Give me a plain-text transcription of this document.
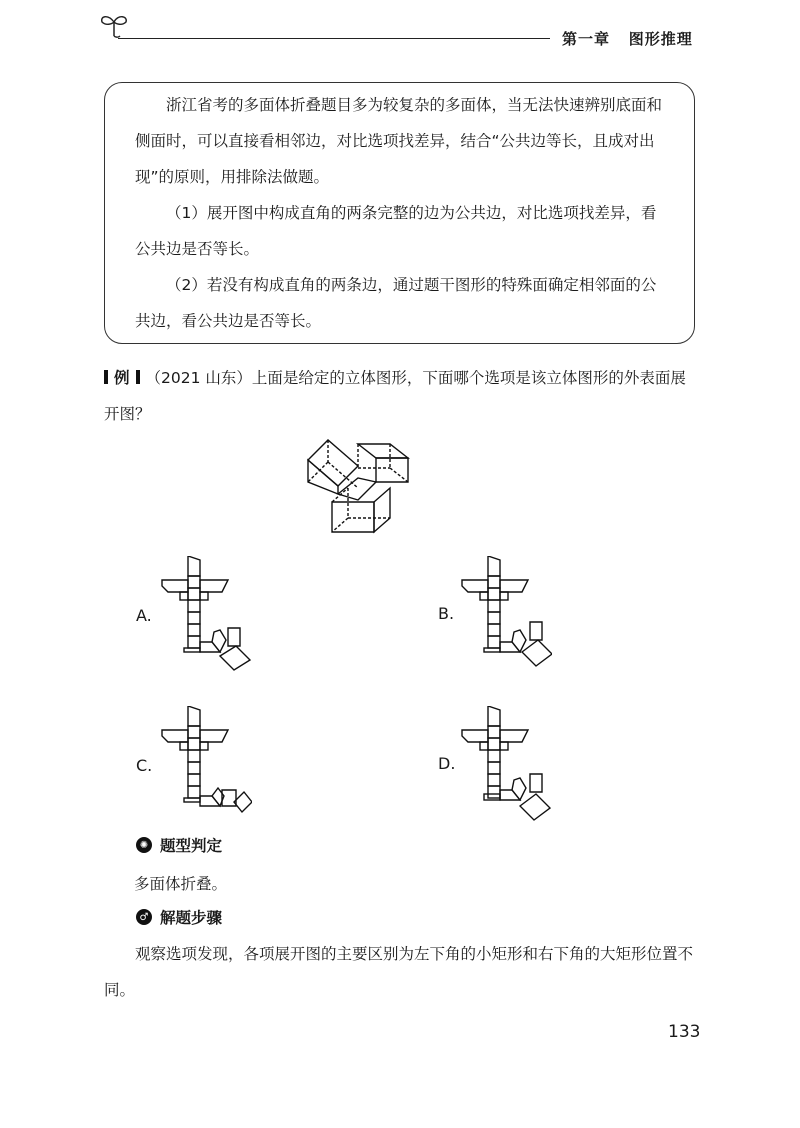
第一章 图形推理

浙江省考的多面体折叠题目多为较复杂的多面体，当无法快速辨别底面和侧面时，可以直接看相邻边，对比选项找差异，结合“公共边等长，且成对出现”的原则，用排除法做题。

（1）展开图中构成直角的两条完整的边为公共边，对比选项找差异，看公共边是否等长。

（2）若没有构成直角的两条边，通过题干图形的特殊面确定相邻面的公共边，看公共边是否等长。

例 （2021 山东）上面是给定的立体图形，下面哪个选项是该立体图形的外表面展开图？
A.	B.
C.	D.
✺ 题型判定
多面体折叠。
♂ 解题步骤
观察选项发现，各项展开图的主要区别为左下角的小矩形和右下角的大矩形位置不同。
133
